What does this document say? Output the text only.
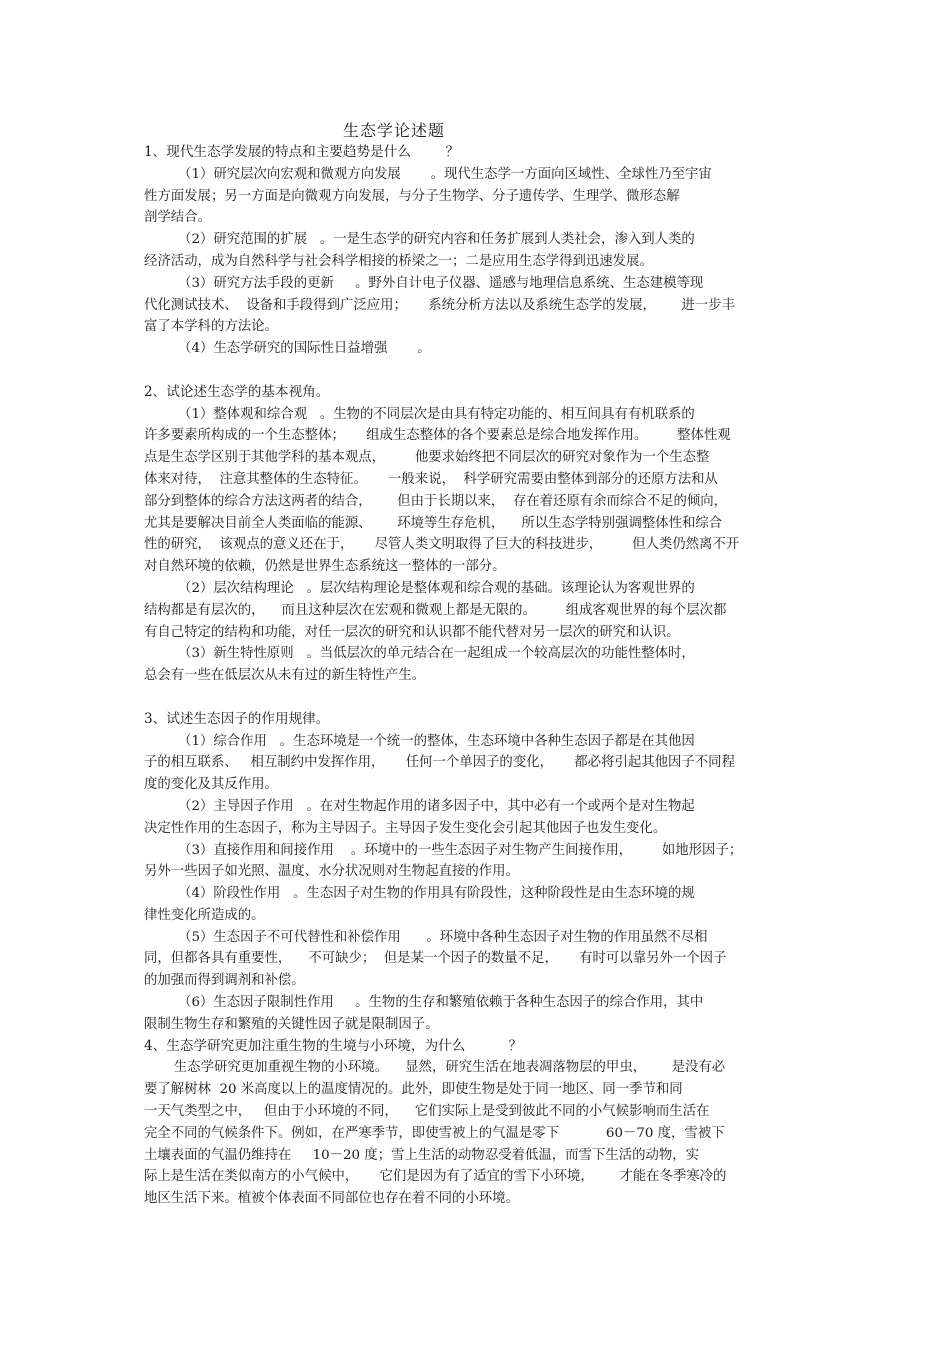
生态学论述题
1、现代生态学发展的特点和主要趋势是什么        ？
（1）研究层次向宏观和微观方向发展       。现代生态学一方面向区域性、全球性乃至宇宙
性方面发展；另一方面是向微观方向发展，与分子生物学、分子遗传学、生理学、微形态解
剖学结合。
（2）研究范围的扩展   。一是生态学的研究内容和任务扩展到人类社会，渗入到人类的
经济活动，成为自然科学与社会科学相接的桥梁之一；二是应用生态学得到迅速发展。
（3）研究方法手段的更新     。野外自计电子仪器、遥感与地理信息系统、生态建模等现
代化测试技术、  设备和手段得到广泛应用；     系统分析方法以及系统生态学的发展，      进一步丰
富了本学科的方法论。
（4）生态学研究的国际性日益增强       。
2、试论述生态学的基本视角。
（1）整体观和综合观   。生物的不同层次是由具有特定功能的、相互间具有有机联系的
许多要素所构成的一个生态整体；     组成生态整体的各个要素总是综合地发挥作用。       整体性观
点是生态学区别于其他学科的基本观点，       他要求始终把不同层次的研究对象作为一个生态整
体来对待，  注意其整体的生态特征。     一般来说，  科学研究需要由整体到部分的还原方法和从
部分到整体的综合方法这两者的结合，      但由于长期以来，  存在着还原有余而综合不足的倾向，
尤其是要解决目前全人类面临的能源、      环境等生存危机，    所以生态学特别强调整体性和综合
性的研究，  该观点的意义还在于，     尽管人类文明取得了巨大的科技进步，       但人类仍然离不开
对自然环境的依赖，仍然是世界生态系统这一整体的一部分。
（2）层次结构理论   。层次结构理论是整体观和综合观的基础。该理论认为客观世界的
结构都是有层次的，    而且这种层次在宏观和微观上都是无限的。       组成客观世界的每个层次都
有自己特定的结构和功能，对任一层次的研究和认识都不能代替对另一层次的研究和认识。
（3）新生特性原则   。当低层次的单元结合在一起组成一个较高层次的功能性整体时，
总会有一些在低层次从未有过的新生特性产生。
3、试述生态因子的作用规律。
（1）综合作用   。生态环境是一个统一的整体，生态环境中各种生态因子都是在其他因
子的相互联系、   相互制约中发挥作用，     任何一个单因子的变化，     都必将引起其他因子不同程
度的变化及其反作用。
（2）主导因子作用   。在对生物起作用的诸多因子中，其中必有一个或两个是对生物起
决定性作用的生态因子，称为主导因子。主导因子发生变化会引起其他因子也发生变化。
（3）直接作用和间接作用    。环境中的一些生态因子对生物产生间接作用，       如地形因子；
另外一些因子如光照、温度、水分状况则对生物起直接的作用。
（4）阶段性作用   。生态因子对生物的作用具有阶段性，这种阶段性是由生态环境的规
律性变化所造成的。
（5）生态因子不可代替性和补偿作用      。环境中各种生态因子对生物的作用虽然不尽相
同，但都各具有重要性，    不可缺少；  但是某一个因子的数量不足，     有时可以靠另外一个因子
的加强而得到调剂和补偿。
（6）生态因子限制性作用     。生物的生存和繁殖依赖于各种生态因子的综合作用，其中
限制生物生存和繁殖的关键性因子就是限制因子。
4、生态学研究更加注重生物的生境与小环境，为什么          ？
生态学研究更加重视生物的小环境。    显然，研究生活在地表凋落物层的甲虫，      是没有必
要了解树林  20 米高度以上的温度情况的。此外，即使生物是处于同一地区、同一季节和同
一天气类型之中，   但由于小环境的不同，    它们实际上是受到彼此不同的小气候影响而生活在
完全不同的气候条件下。例如，在严寒季节，即使雪被上的气温是零下           60－70 度，雪被下
土壤表面的气温仍维持在     10－20 度；雪上生活的动物忍受着低温，而雪下生活的动物，实
际上是生活在类似南方的小气候中，     它们是因为有了适宜的雪下小环境，      才能在冬季寒冷的
地区生活下来。植被个体表面不同部位也存在着不同的小环境。
